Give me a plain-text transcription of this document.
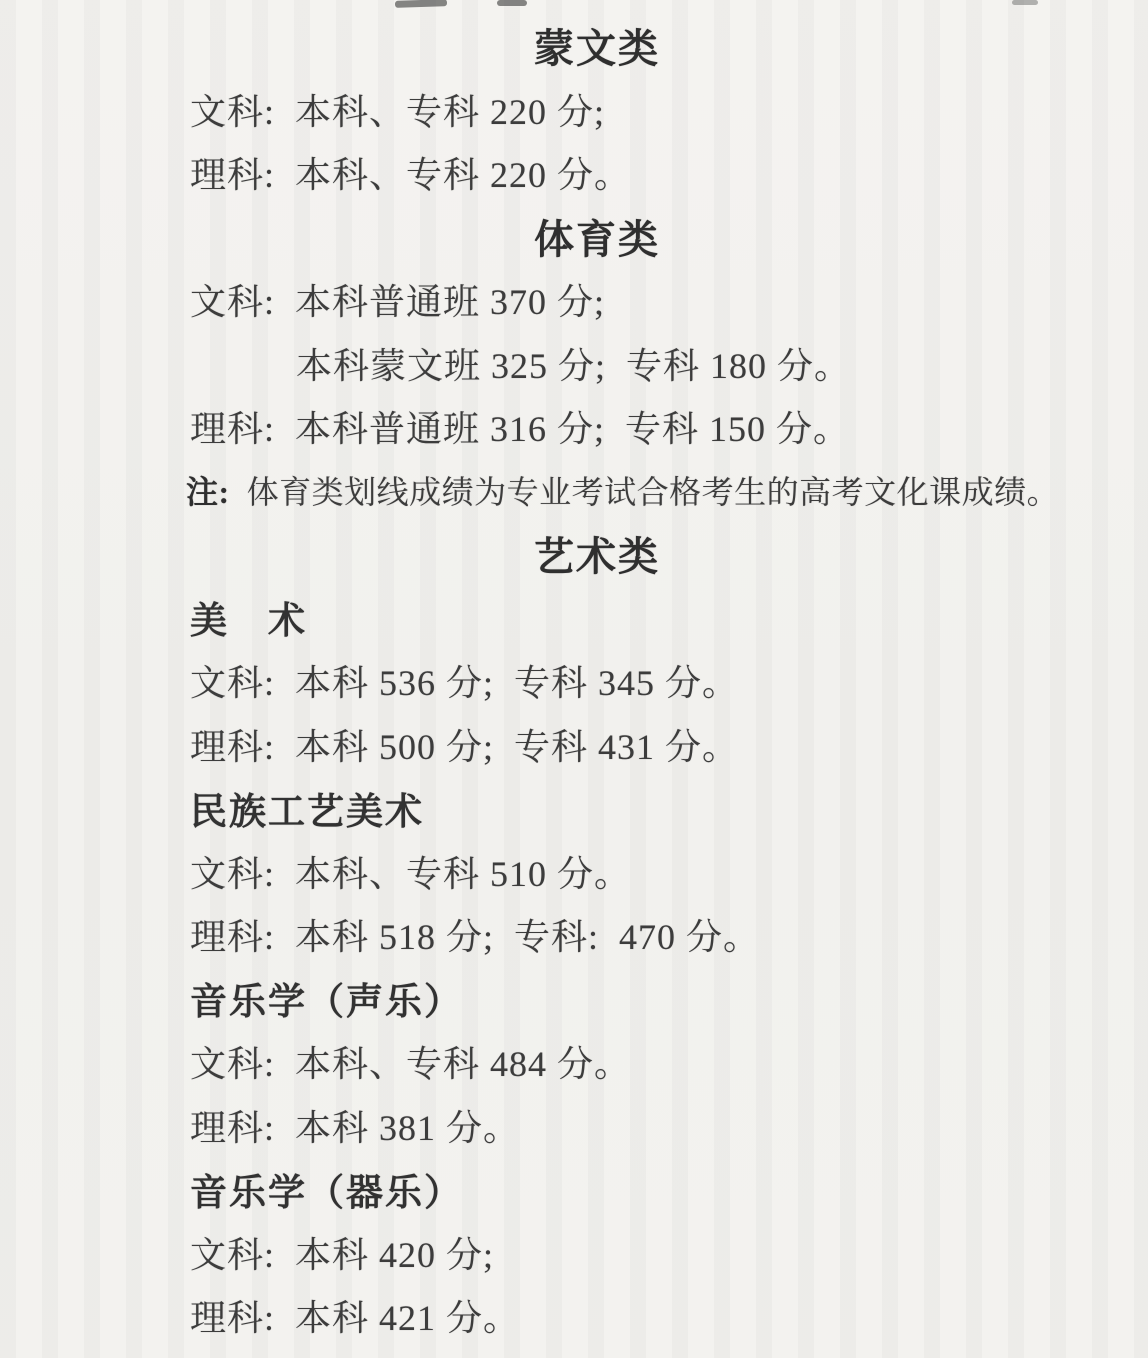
蒙文类
文科:  本科、专科 220 分;
理科:  本科、专科 220 分。
体育类
文科:  本科普通班 370 分;
本科蒙文班 325 分;  专科 180 分。
理科:  本科普通班 316 分;  专科 150 分。
注: 体育类划线成绩为专业考试合格考生的高考文化课成绩。
艺术类
美　术
文科:  本科 536 分;  专科 345 分。
理科:  本科 500 分;  专科 431 分。
民族工艺美术
文科:  本科、专科 510 分。
理科:  本科 518 分;  专科:  470 分。
音乐学（声乐）
文科:  本科、专科 484 分。
理科:  本科 381 分。
音乐学（器乐）
文科:  本科 420 分;
理科:  本科 421 分。
